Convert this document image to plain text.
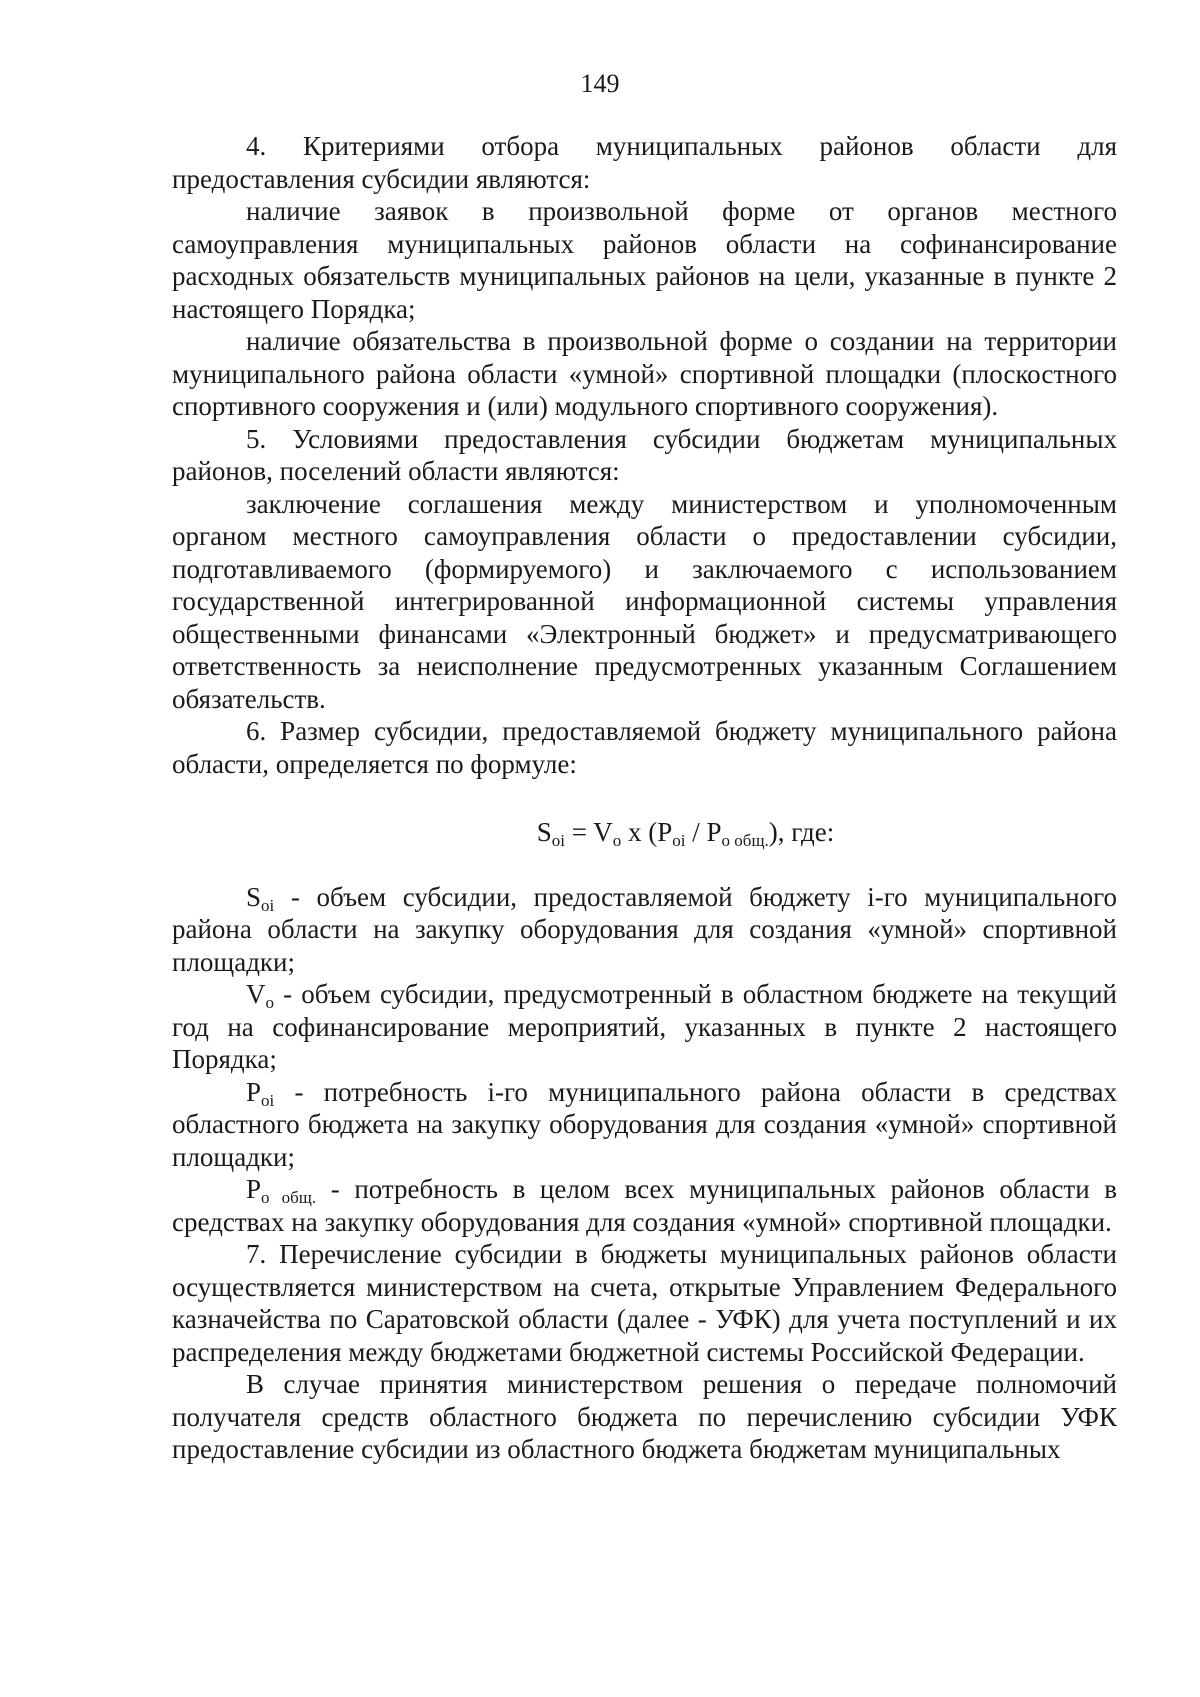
149

4. Критериями отбора муниципальных районов области для предоставления субсидии являются:

наличие заявок в произвольной форме от органов местного самоуправления муниципальных районов области на софинансирование расходных обязательств муниципальных районов на цели, указанные в пункте 2 настоящего Порядка;

наличие обязательства в произвольной форме о создании на территории муниципального района области «умной» спортивной площадки (плоскостного спортивного сооружения и (или) модульного спортивного сооружения).

5. Условиями предоставления субсидии бюджетам муниципальных районов, поселений области являются:

заключение соглашения между министерством и уполномоченным органом местного самоуправления области о предоставлении субсидии, подготавливаемого (формируемого) и заключаемого с использованием государственной интегрированной информационной системы управления общественными финансами «Электронный бюджет» и предусматривающего ответственность за неисполнение предусмотренных указанным Соглашением обязательств.

6. Размер субсидии, предоставляемой бюджету муниципального района области, определяется по формуле:

$S_{oi} = V_o$ x $(P_{oi} / P_{o общ.})$, где:

$S_{oi}$ - объем субсидии, предоставляемой бюджету i-го муниципального района области на закупку оборудования для создания «умной» спортивной площадки;

$V_o$ - объем субсидии, предусмотренный в областном бюджете на текущий год на софинансирование мероприятий, указанных в пункте 2 настоящего Порядка;

$P_{oi}$ - потребность i-го муниципального района области в средствах областного бюджета на закупку оборудования для создания «умной» спортивной площадки;

$P_{o общ.}$ - потребность в целом всех муниципальных районов области в средствах на закупку оборудования для создания «умной» спортивной площадки.

7. Перечисление субсидии в бюджеты муниципальных районов области осуществляется министерством на счета, открытые Управлением Федерального казначейства по Саратовской области (далее - УФК) для учета поступлений и их распределения между бюджетами бюджетной системы Российской Федерации.

В случае принятия министерством решения о передаче полномочий получателя средств областного бюджета по перечислению субсидии УФК предоставление субсидии из областного бюджета бюджетам муниципальных
